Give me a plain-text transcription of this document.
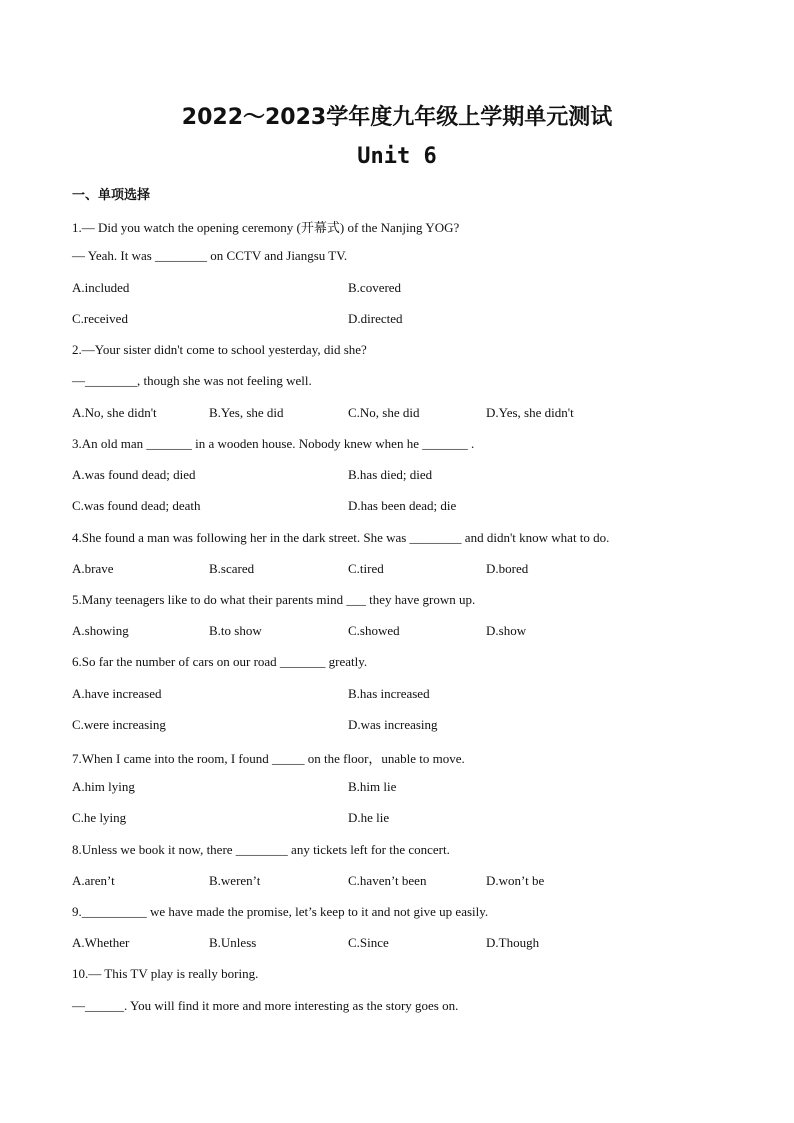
2022～2023学年度九年级上学期单元测试
Unit 6
一、单项选择
1.— Did you watch the opening ceremony (开幕式) of the Nanjing YOG?
— Yeah. It was ________ on CCTV and Jiangsu TV.
A.included	B.covered
C.received	D.directed
2.—Your sister didn't come to school yesterday, did she?
—________, though she was not feeling well.
A.No, she didn't	B.Yes, she did	C.No, she did	D.Yes, she didn't
3.An old man _______ in a wooden house. Nobody knew when he _______ .
A.was found dead; died	B.has died; died
C.was found dead; death	D.has been dead; die
4.She found a man was following her in the dark street. She was ________ and didn't know what to do.
A.brave	B.scared	C.tired	D.bored
5.Many teenagers like to do what their parents mind ___ they have grown up.
A.showing	B.to show	C.showed	D.show
6.So far the number of cars on our road _______ greatly.
A.have increased	B.has increased
C.were increasing	D.was increasing
7.When I came into the room, I found _____ on the floor，unable to move.
A.him lying	B.him lie
C.he lying	D.he lie
8.Unless we book it now, there ________ any tickets left for the concert.
A.aren’t	B.weren’t	C.haven’t been	D.won’t be
9.__________ we have made the promise, let’s keep to it and not give up easily.
A.Whether	B.Unless	C.Since	D.Though
10.— This TV play is really boring.
—______. You will find it more and more interesting as the story goes on.
